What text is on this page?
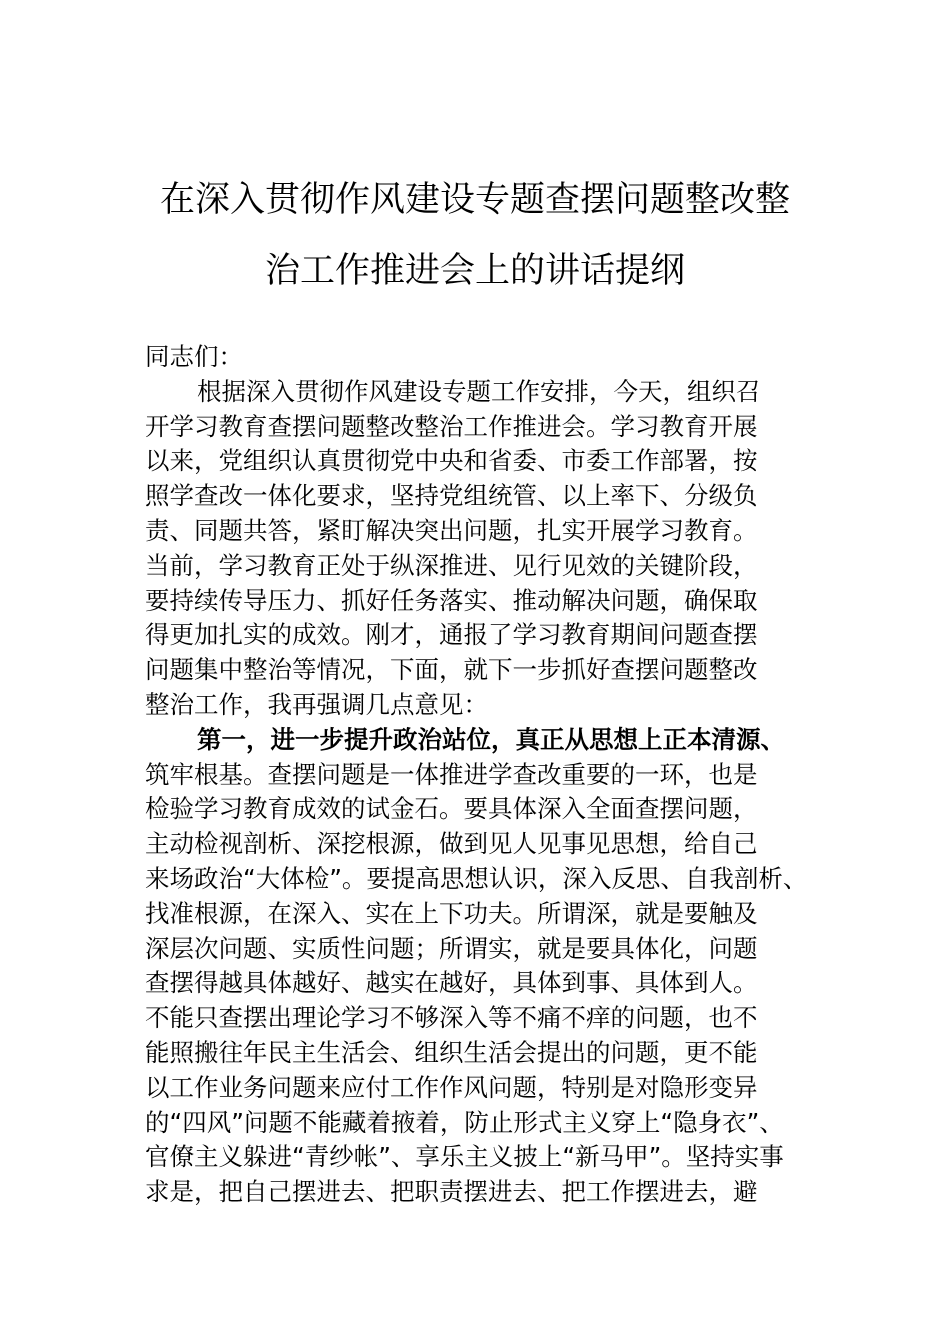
在深入贯彻作风建设专题查摆问题整改整
治工作推进会上的讲话提纲
同志们：
根据深入贯彻作风建设专题工作安排，今天，组织召
开学习教育查摆问题整改整治工作推进会。学习教育开展
以来，党组织认真贯彻党中央和省委、市委工作部署，按
照学查改一体化要求，坚持党组统管、以上率下、分级负
责、同题共答，紧盯解决突出问题，扎实开展学习教育。
当前，学习教育正处于纵深推进、见行见效的关键阶段，
要持续传导压力、抓好任务落实、推动解决问题，确保取
得更加扎实的成效。刚才，通报了学习教育期间问题查摆
问题集中整治等情况，下面，就下一步抓好查摆问题整改
整治工作，我再强调几点意见：
第一，进一步提升政治站位，真正从思想上正本清源、
筑牢根基。查摆问题是一体推进学查改重要的一环，也是
检验学习教育成效的试金石。要具体深入全面查摆问题，
主动检视剖析、深挖根源，做到见人见事见思想，给自己
来场政治“大体检”。要提高思想认识，深入反思、自我剖析、
找准根源，在深入、实在上下功夫。所谓深，就是要触及
深层次问题、实质性问题；所谓实，就是要具体化，问题
查摆得越具体越好、越实在越好，具体到事、具体到人。
不能只查摆出理论学习不够深入等不痛不痒的问题，也不
能照搬往年民主生活会、组织生活会提出的问题，更不能
以工作业务问题来应付工作作风问题，特别是对隐形变异
的“四风”问题不能藏着掖着，防止形式主义穿上“隐身衣”、
官僚主义躲进“青纱帐”、享乐主义披上“新马甲”。坚持实事
求是，把自己摆进去、把职责摆进去、把工作摆进去，避
